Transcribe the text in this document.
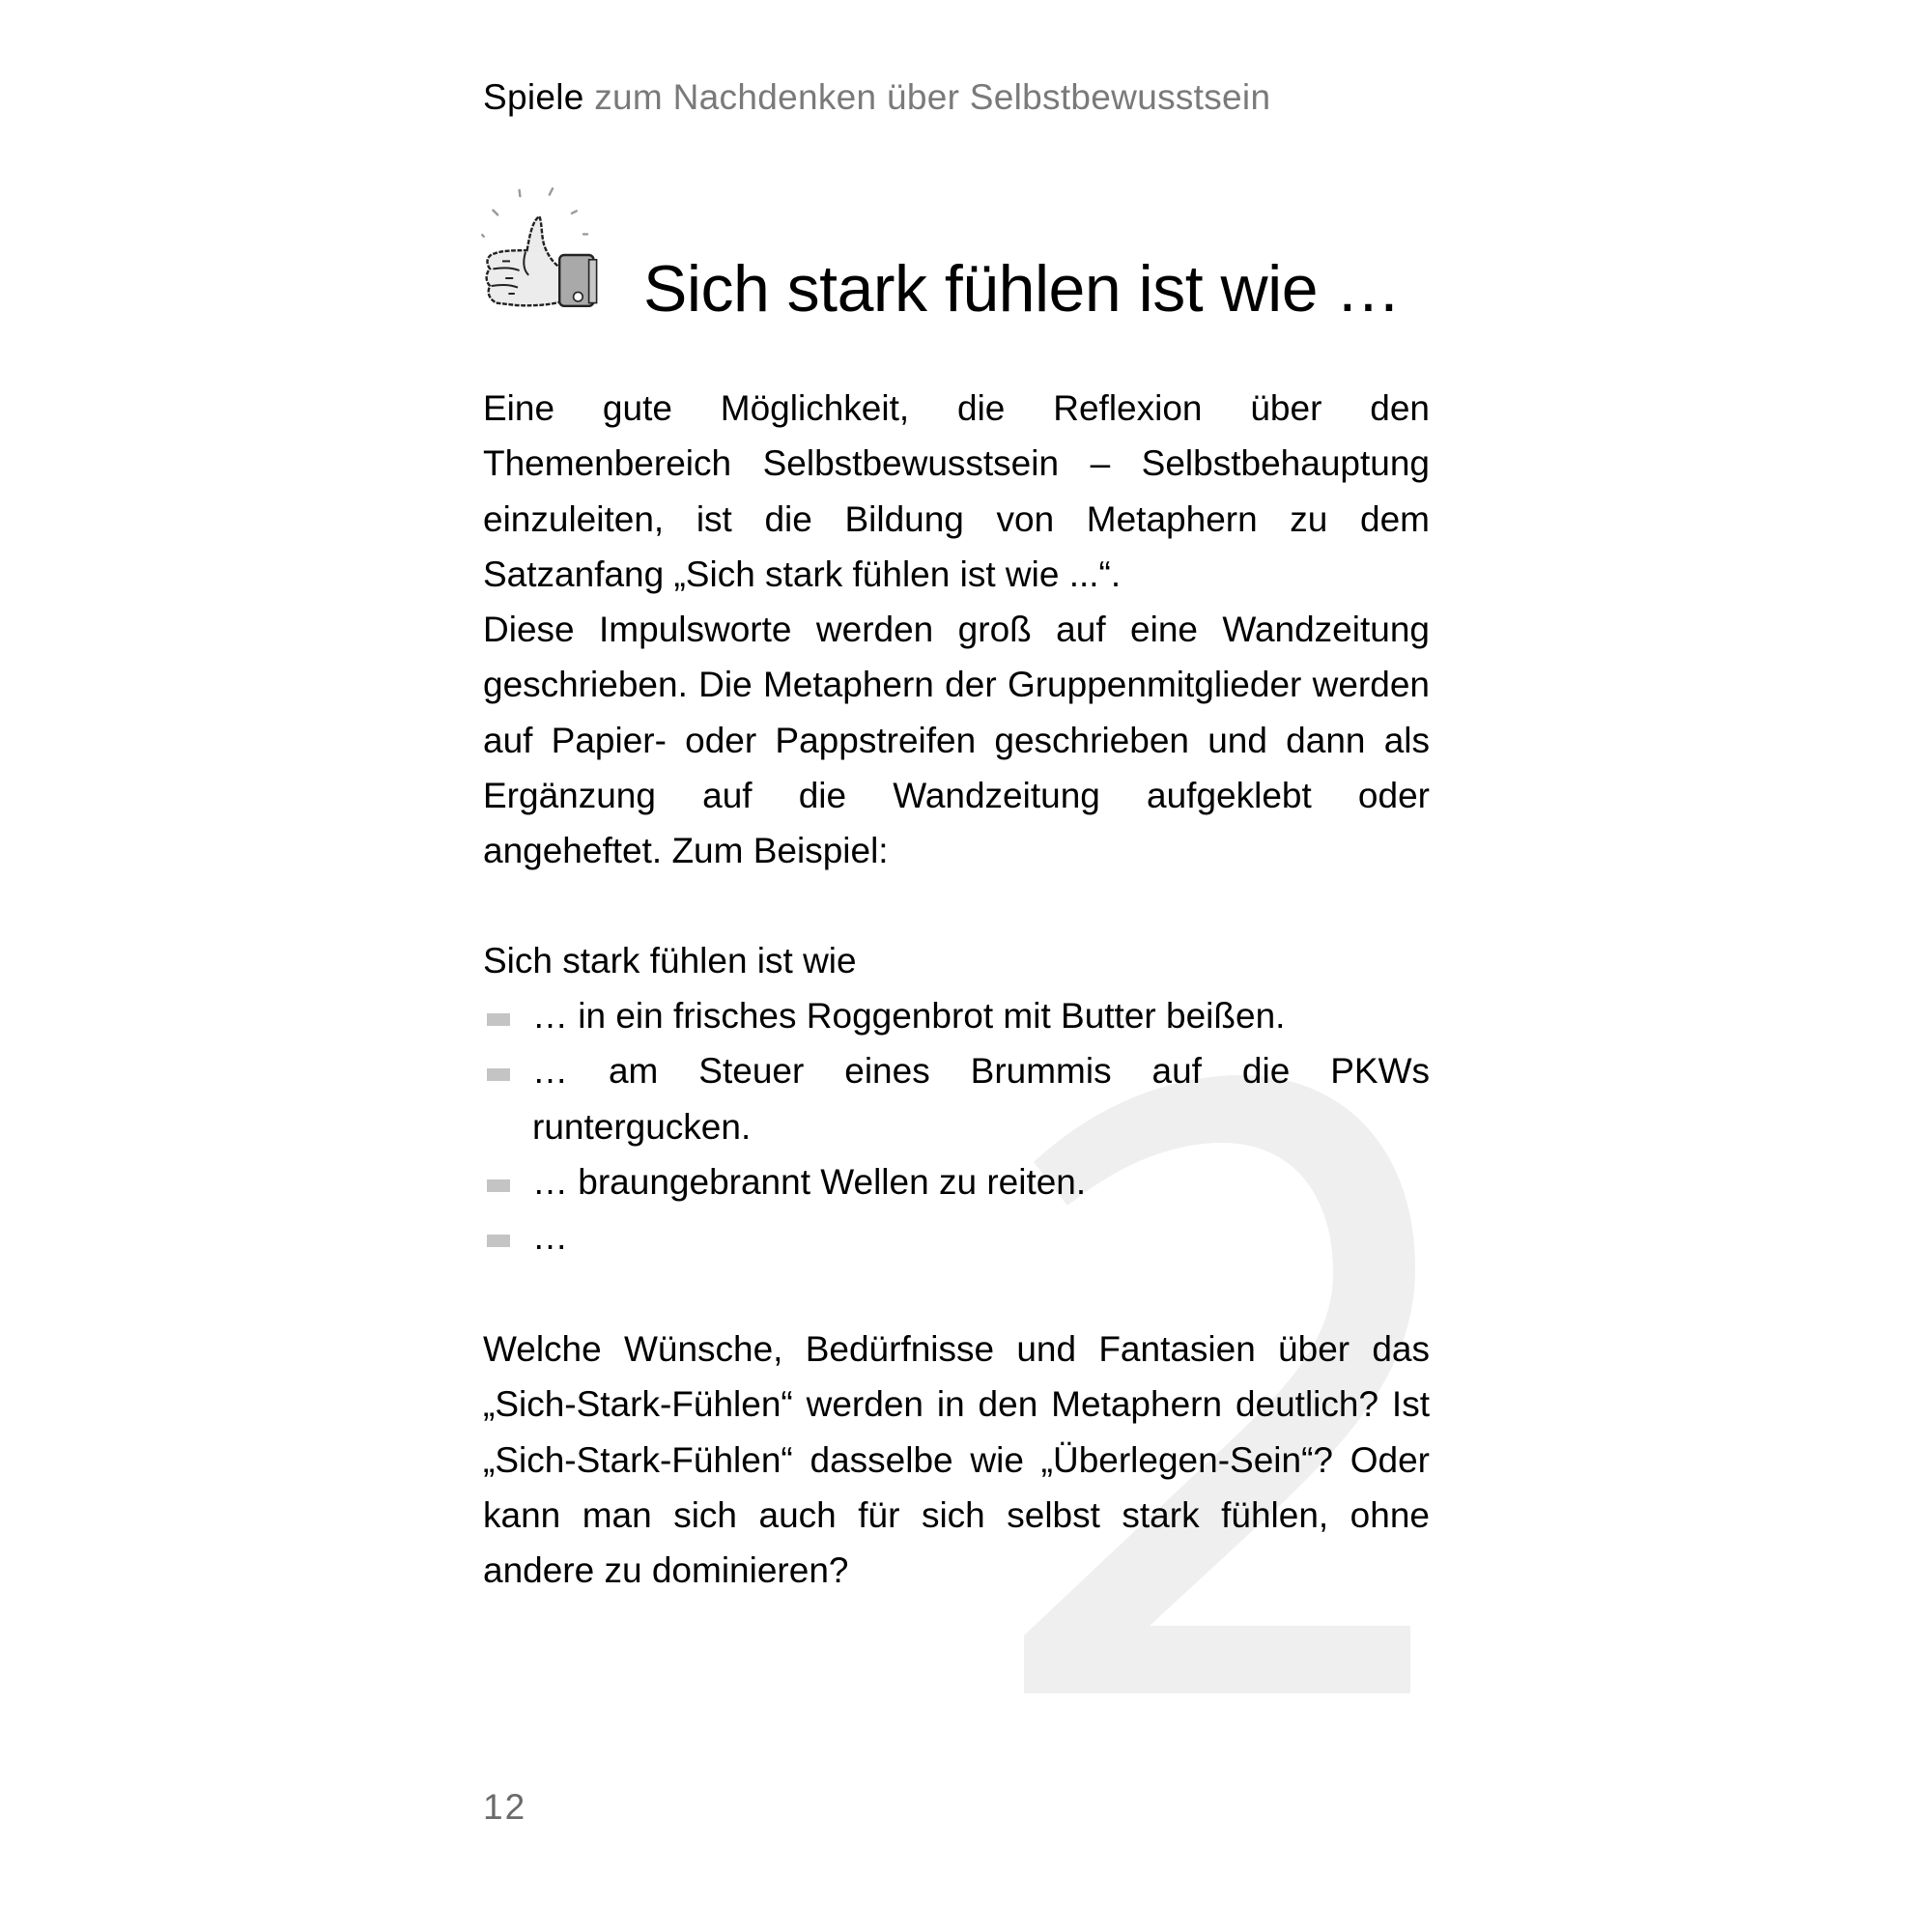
Spiele zum Nachdenken über Selbstbewusstsein
Sich stark fühlen ist wie …
Eine gute Möglichkeit, die Reflexion über den Themenbereich Selbstbewusstsein – Selbstbehauptung einzuleiten, ist die Bildung von Metaphern zu dem Satzanfang „Sich stark fühlen ist wie ...“.
Diese Impulsworte werden groß auf eine Wandzeitung geschrieben. Die Metaphern der Gruppenmitglieder werden auf Papier- oder Pappstreifen geschrieben und dann als Ergänzung auf die Wandzeitung aufgeklebt oder angeheftet. Zum Beispiel:
Sich stark fühlen ist wie
… in ein frisches Roggenbrot mit Butter beißen.
… am Steuer eines Brummis auf die PKWs runtergucken.
… braungebrannt Wellen zu reiten.
…
Welche Wünsche, Bedürfnisse und Fantasien über das „Sich-Stark-Fühlen“ werden in den Metaphern deutlich? Ist „Sich-Stark-Fühlen“ dasselbe wie „Überlegen-Sein“? Oder kann man sich auch für sich selbst stark fühlen, ohne andere zu dominieren?
12
